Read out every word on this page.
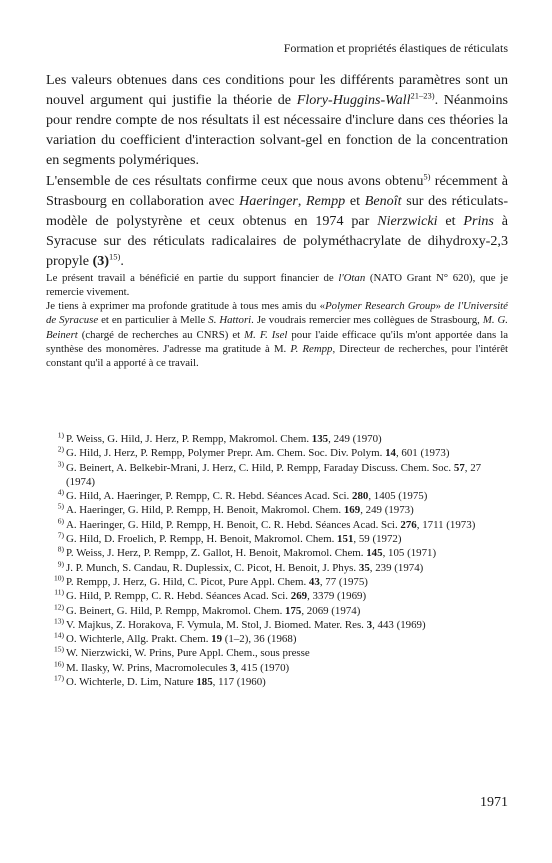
Formation et propriétés élastiques de réticulats

Les valeurs obtenues dans ces conditions pour les différents paramètres sont un nouvel argument qui justifie la théorie de Flory-Huggins-Wall$^{21-23)}$. Néanmoins pour rendre compte de nos résultats il est nécessaire d'inclure dans ces théories la variation du coefficient d'interaction solvant-gel en fonction de la concentration en segments polymériques.

L'ensemble de ces résultats confirme ceux que nous avons obtenu$^{5)}$ récemment à Strasbourg en collaboration avec Haeringer, Rempp et Benoît sur des réticulats-modèle de polystyrène et ceux obtenus en 1974 par Nierzwicki et Prins à Syracuse sur des réticulats radicalaires de polyméthacrylate de dihydroxy-2,3 propyle $(3)^{15)}$.

Le présent travail a bénéficié en partie du support financier de l'Otan (NATO Grant N° 620), que je remercie vivement.

Je tiens à exprimer ma profonde gratitude à tous mes amis du «Polymer Research Group» de l'Université de Syracuse et en particulier à Melle S. Hattori. Je voudrais remercier mes collègues de Strasbourg, M. G. Beinert (chargé de recherches au CNRS) et M. F. Isel pour l'aide efficace qu'ils m'ont apportée dans la synthèse des monomères. J'adresse ma gratitude à M. P. Rempp, Directeur de recherches, pour l'intérêt constant qu'il a apporté à ce travail.

$^{1)}$ P. Weiss, G. Hild, J. Herz, P. Rempp, Makromol. Chem. 135, 249 (1970)
$^{2)}$ G. Hild, J. Herz, P. Rempp, Polymer Prepr. Am. Chem. Soc. Div. Polym. 14, 601 (1973)
$^{3)}$ G. Beinert, A. Belkebir-Mrani, J. Herz, C. Hild, P. Rempp, Faraday Discuss. Chem. Soc. 57, 27 (1974)
$^{4)}$ G. Hild, A. Haeringer, P. Rempp, C. R. Hebd. Séances Acad. Sci. 280, 1405 (1975)
$^{5)}$ A. Haeringer, G. Hild, P. Rempp, H. Benoit, Makromol. Chem. 169, 249 (1973)
$^{6)}$ A. Haeringer, G. Hild, P. Rempp, H. Benoit, C. R. Hebd. Séances Acad. Sci. 276, 1711 (1973)
$^{7)}$ G. Hild, D. Froelich, P. Rempp, H. Benoit, Makromol. Chem. 151, 59 (1972)
$^{8)}$ P. Weiss, J. Herz, P. Rempp, Z. Gallot, H. Benoit, Makromol. Chem. 145, 105 (1971)
$^{9)}$ J. P. Munch, S. Candau, R. Duplessix, C. Picot, H. Benoit, J. Phys. 35, 239 (1974)
$^{10)}$ P. Rempp, J. Herz, G. Hild, C. Picot, Pure Appl. Chem. 43, 77 (1975)
$^{11)}$ G. Hild, P. Rempp, C. R. Hebd. Séances Acad. Sci. 269, 3379 (1969)
$^{12)}$ G. Beinert, G. Hild, P. Rempp, Makromol. Chem. 175, 2069 (1974)
$^{13)}$ V. Majkus, Z. Horakova, F. Vymula, M. Stol, J. Biomed. Mater. Res. 3, 443 (1969)
$^{14)}$ O. Wichterle, Allg. Prakt. Chem. 19 (1–2), 36 (1968)
$^{15)}$ W. Nierzwicki, W. Prins, Pure Appl. Chem., sous presse
$^{16)}$ M. Ilasky, W. Prins, Macromolecules 3, 415 (1970)
$^{17)}$ O. Wichterle, D. Lim, Nature 185, 117 (1960)
1971
